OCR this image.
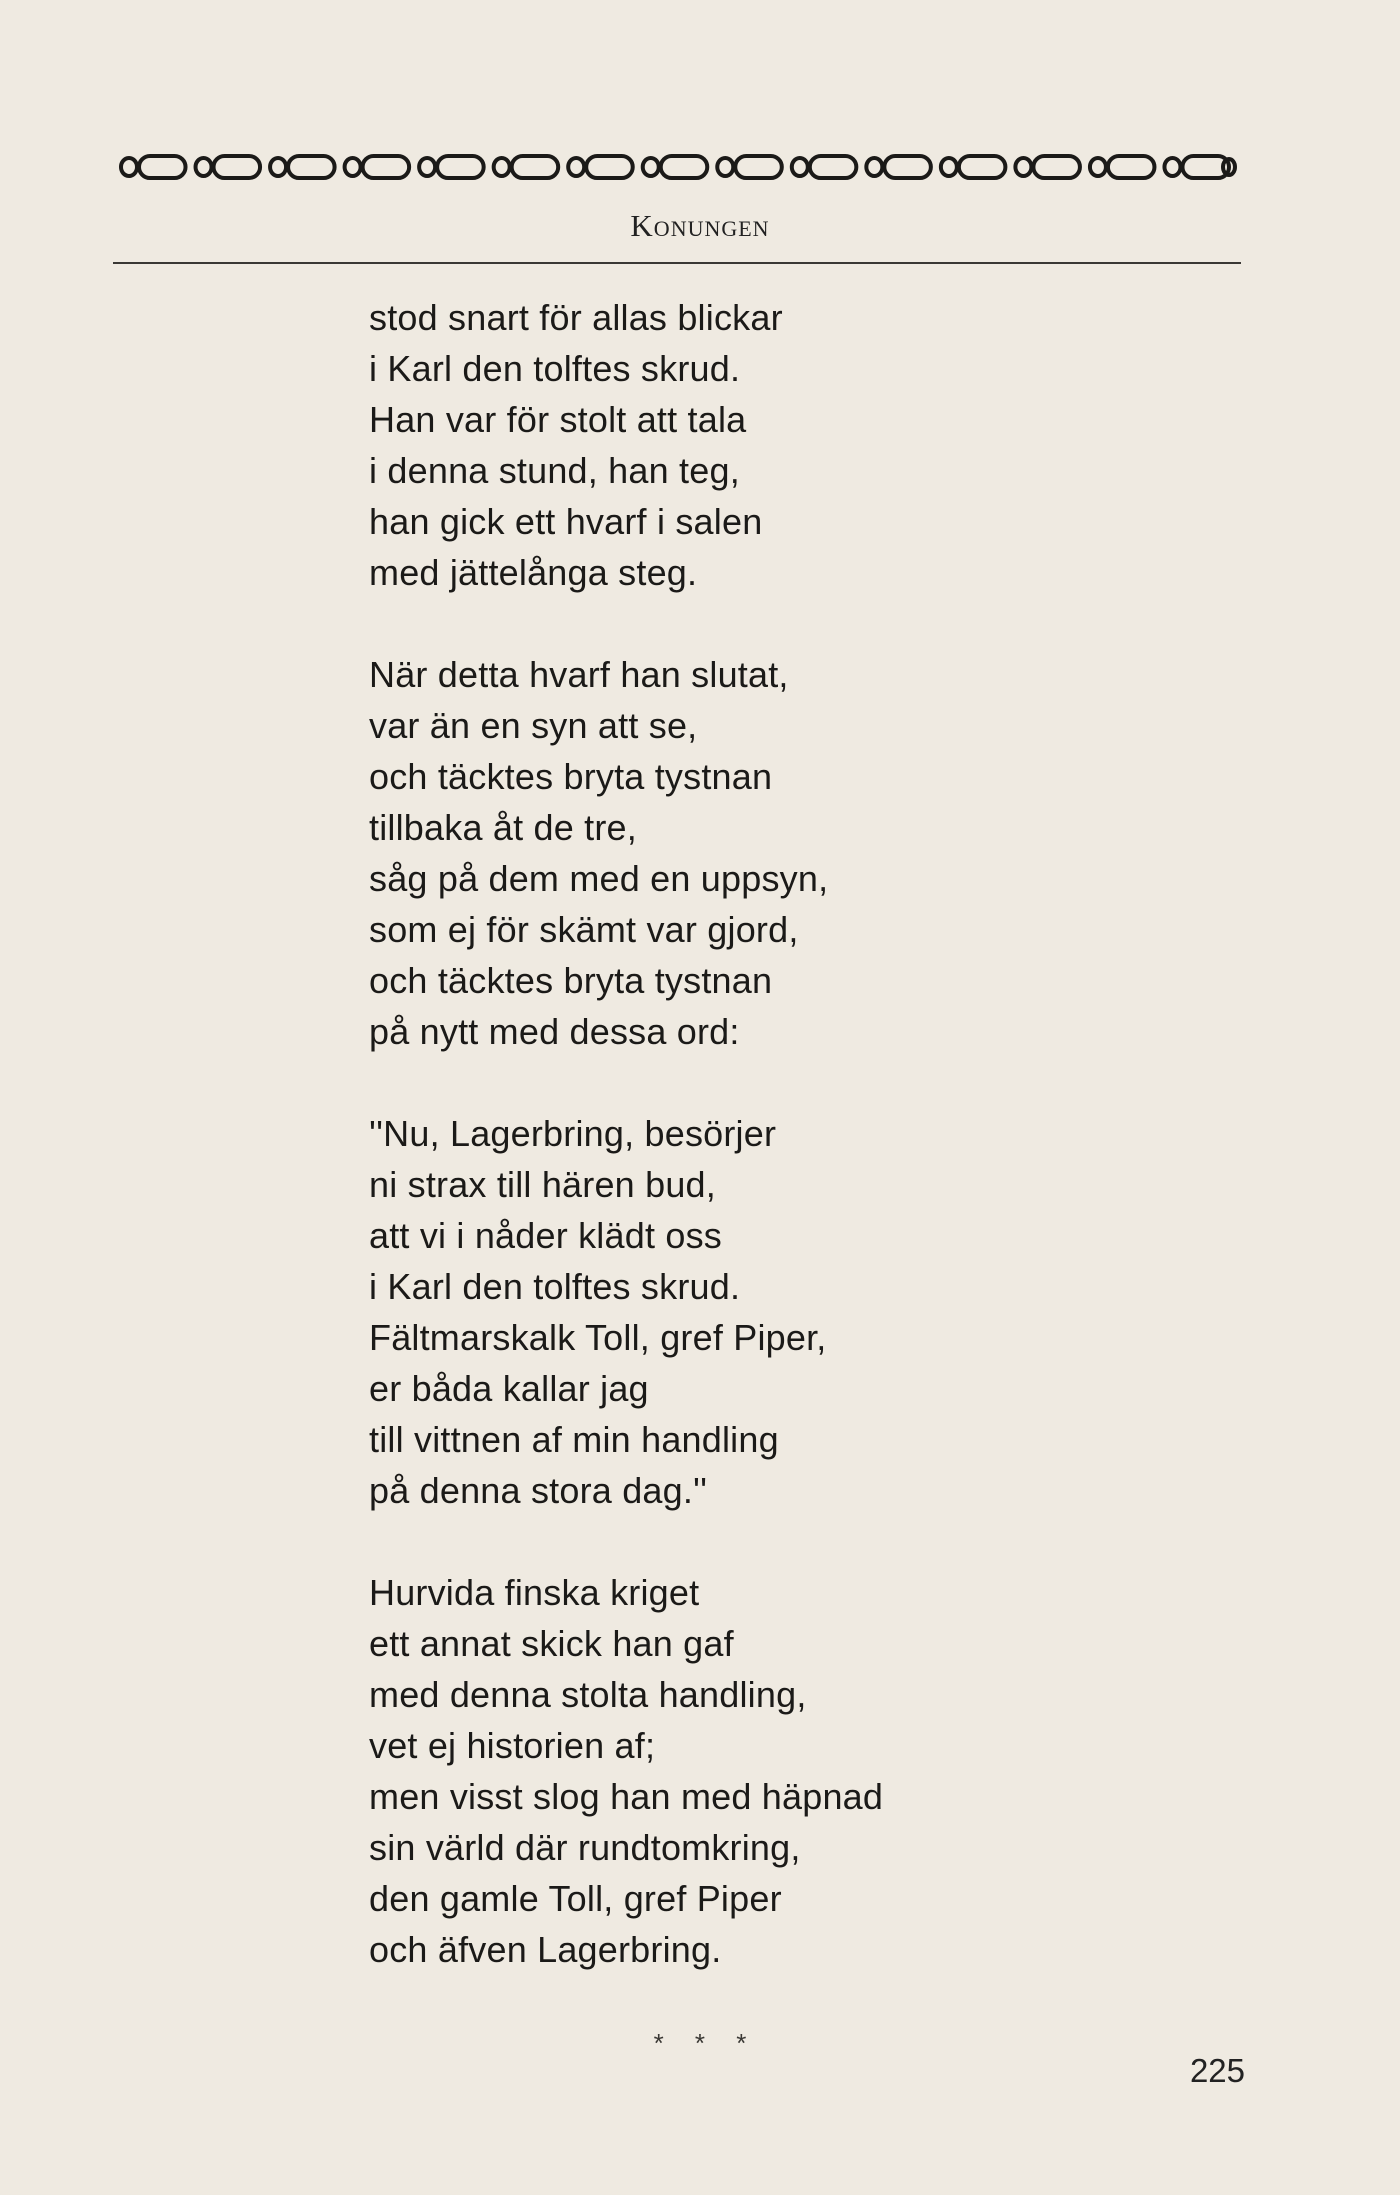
Konungen
stod snart för allas blickar
i Karl den tolftes skrud.
Han var för stolt att tala
i denna stund, han teg,
han gick ett hvarf i salen
med jättelånga steg.
När detta hvarf han slutat,
var än en syn att se,
och täcktes bryta tystnan
tillbaka åt de tre,
såg på dem med en uppsyn,
som ej för skämt var gjord,
och täcktes bryta tystnan
på nytt med dessa ord:
''Nu, Lagerbring, besörjer
ni strax till hären bud,
att vi i nåder klädt oss
i Karl den tolftes skrud.
Fältmarskalk Toll, gref Piper,
er båda kallar jag
till vittnen af min handling
på denna stora dag.''
Hurvida finska kriget
ett annat skick han gaf
med denna stolta handling,
vet ej historien af;
men visst slog han med häpnad
sin värld där rundtomkring,
den gamle Toll, gref Piper
och äfven Lagerbring.
* * *
225
